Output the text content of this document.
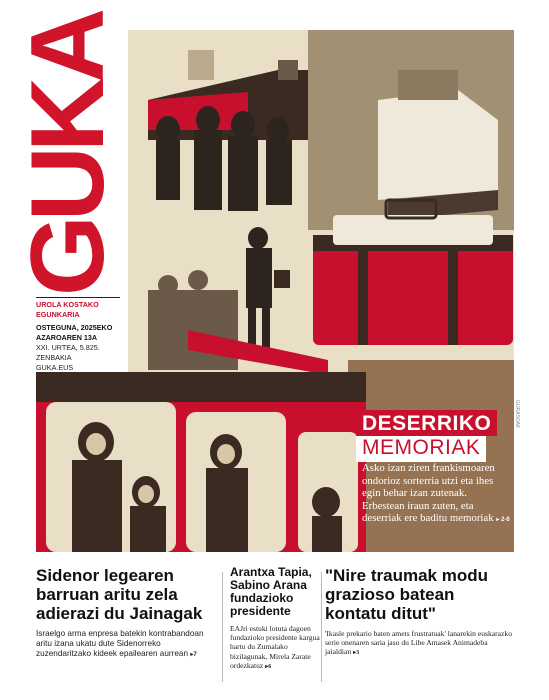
GUKA
UROLA KOSTAKO
EGUNKARIA
OSTEGUNA, 2025EKO
AZAROAREN 13A
XXI. URTEA, 5.825. ZENBAKIA
GUKA.EUS
GURASOAK
DESERRIKO
MEMORIAK
Asko izan ziren frankismoaren ondorioz sorterria utzi eta ihes egin behar izan zutenak. Erbestean iraun zuten, eta deserriak ere baditu memoriak ▸ 2-6
Sidenor legearen barruan aritu zela adierazi du Jainagak
Israelgo arma enpresa batekin kontrabandoan aritu izana ukatu dute Sidenorreko zuzendaritzako kideek epailearen aurrean ▸7
Arantxa Tapia, Sabino Arana fundazioko presidente
EAJri estuki lotuta dagoen fundazioko presidente kargua hartu du Zumalako bizilagunak, Mirela Zarate ordezkatuz ▸6
"Nire traumak modu grazioso batean kontatu ditut"
'Ikasle prekario baten amets frustratuak' lanarekin euskarazko serie onenaren saria jaso du Libe Amasek Animadeba jaialdian ▸3
